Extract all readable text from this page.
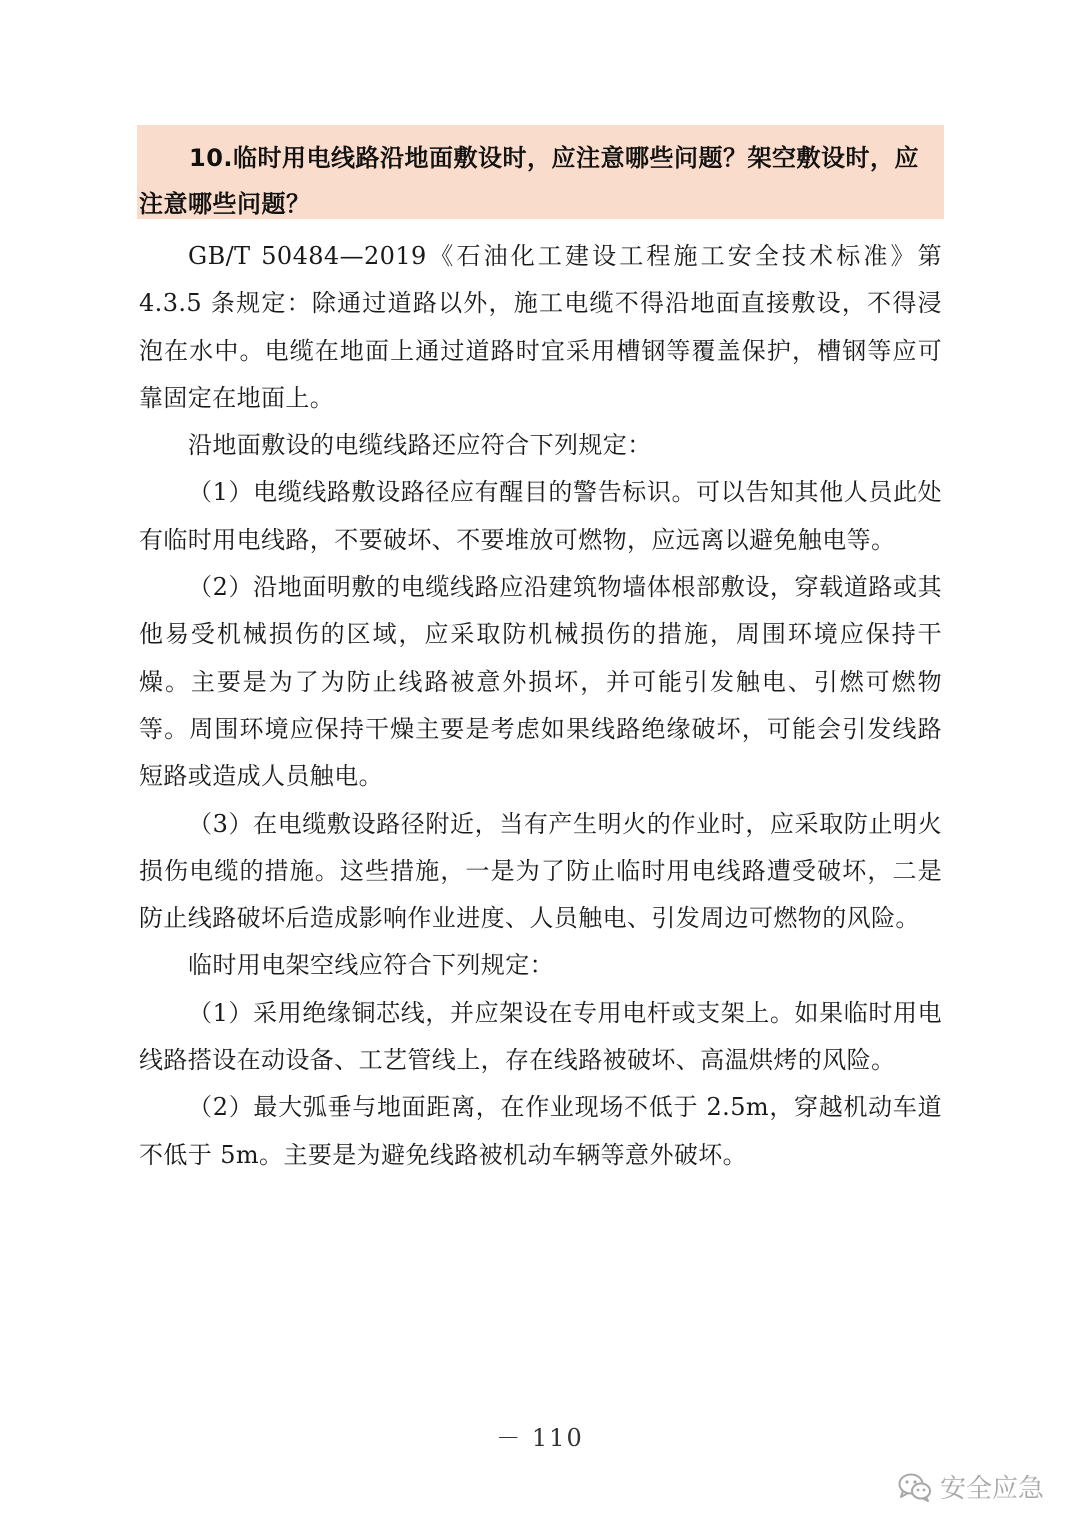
10.临时用电线路沿地面敷设时，应注意哪些问题？架空敷设时，应注意哪些问题？

GB/T 50484—2019《石油化工建设工程施工安全技术标准》第 4.3.5 条规定：除通过道路以外，施工电缆不得沿地面直接敷设，不得浸泡在水中。电缆在地面上通过道路时宜采用槽钢等覆盖保护，槽钢等应可靠固定在地面上。

沿地面敷设的电缆线路还应符合下列规定：

（1）电缆线路敷设路径应有醒目的警告标识。可以告知其他人员此处有临时用电线路，不要破坏、不要堆放可燃物，应远离以避免触电等。

（2）沿地面明敷的电缆线路应沿建筑物墙体根部敷设，穿载道路或其他易受机械损伤的区域，应采取防机械损伤的措施，周围环境应保持干燥。主要是为了为防止线路被意外损坏，并可能引发触电、引燃可燃物等。周围环境应保持干燥主要是考虑如果线路绝缘破坏，可能会引发线路短路或造成人员触电。

（3）在电缆敷设路径附近，当有产生明火的作业时，应采取防止明火损伤电缆的措施。这些措施，一是为了防止临时用电线路遭受破坏，二是防止线路破坏后造成影响作业进度、人员触电、引发周边可燃物的风险。

临时用电架空线应符合下列规定：

（1）采用绝缘铜芯线，并应架设在专用电杆或支架上。如果临时用电线路搭设在动设备、工艺管线上，存在线路被破坏、高温烘烤的风险。

（2）最大弧垂与地面距离，在作业现场不低于 2.5m，穿越机动车道不低于 5m。主要是为避免线路被机动车辆等意外破坏。

－ 110
安全应急
